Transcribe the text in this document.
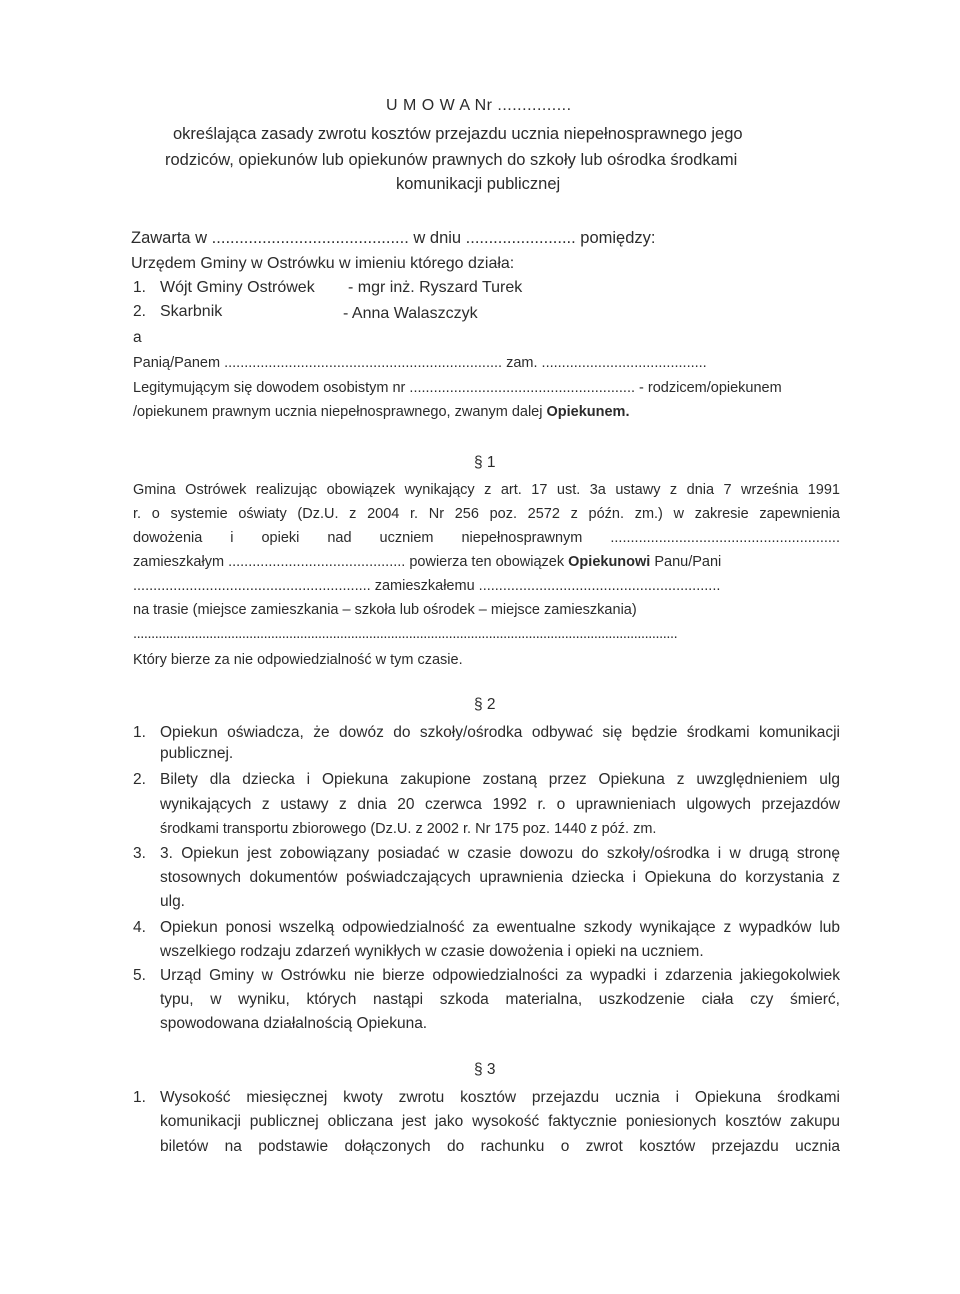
U M O W A Nr ...............
określająca zasady zwrotu kosztów przejazdu ucznia niepełnosprawnego jego
rodziców, opiekunów lub opiekunów prawnych do szkoły lub ośrodka środkami
komunikacji publicznej
Zawarta w ........................................... w dniu ........................ pomiędzy:
Urzędem Gminy w Ostrówku w imieniu którego działa:
1. Wójt Gminy Ostrówek - mgr inż. Ryszard Turek
2. Skarbnik	- Anna Walaszczyk
a
Panią/Panem ..................................................................... zam. .........................................
Legitymującym się dowodem osobistym nr ........................................................ - rodzicem/opiekunem
/opiekunem prawnym ucznia niepełnosprawnego, zwanym dalej Opiekunem.
§ 1
Gmina Ostrówek realizując obowiązek wynikający z art. 17 ust. 3a ustawy z dnia 7 września 1991
r. o systemie oświaty (Dz.U. z 2004 r. Nr 256 poz. 2572 z późn. zm.) w zakresie zapewnienia
dowożenia i opieki nad uczniem niepełnosprawnym .........................................................
zamieszkałym ............................................ powierza ten obowiązek Opiekunowi Panu/Pani
........................................................... zamieszkałemu ............................................................
na trasie (miejsce zamieszkania – szkoła lub ośrodek – miejsce zamieszkania)
......................................................................................................................................................
Który bierze za nie odpowiedzialność w tym czasie.
§ 2
1. Opiekun oświadcza, że dowóz do szkoły/ośrodka odbywać się będzie środkami komunikacji
publicznej.
2. Bilety dla dziecka i Opiekuna zakupione zostaną przez Opiekuna z uwzględnieniem ulg
wynikających z ustawy z dnia 20 czerwca 1992 r. o uprawnieniach ulgowych przejazdów
środkami transportu zbiorowego (Dz.U. z 2002 r. Nr 175 poz. 1440 z póź. zm.
3. 3. Opiekun jest zobowiązany posiadać w czasie dowozu do szkoły/ośrodka i w drugą stronę
stosownych dokumentów poświadczających uprawnienia dziecka i Opiekuna do korzystania z
ulg.
4. Opiekun ponosi wszelką odpowiedzialność za ewentualne szkody wynikające z wypadków lub
wszelkiego rodzaju zdarzeń wynikłych w czasie dowożenia i opieki na uczniem.
5. Urząd Gminy w Ostrówku nie bierze odpowiedzialności za wypadki i zdarzenia jakiegokolwiek
typu, w wyniku, których nastąpi szkoda materialna, uszkodzenie ciała czy śmierć,
spowodowana działalnością Opiekuna.
§ 3
1. Wysokość miesięcznej kwoty zwrotu kosztów przejazdu ucznia i Opiekuna środkami
komunikacji publicznej obliczana jest jako wysokość faktycznie poniesionych kosztów zakupu
biletów na podstawie dołączonych do rachunku o zwrot kosztów przejazdu ucznia
